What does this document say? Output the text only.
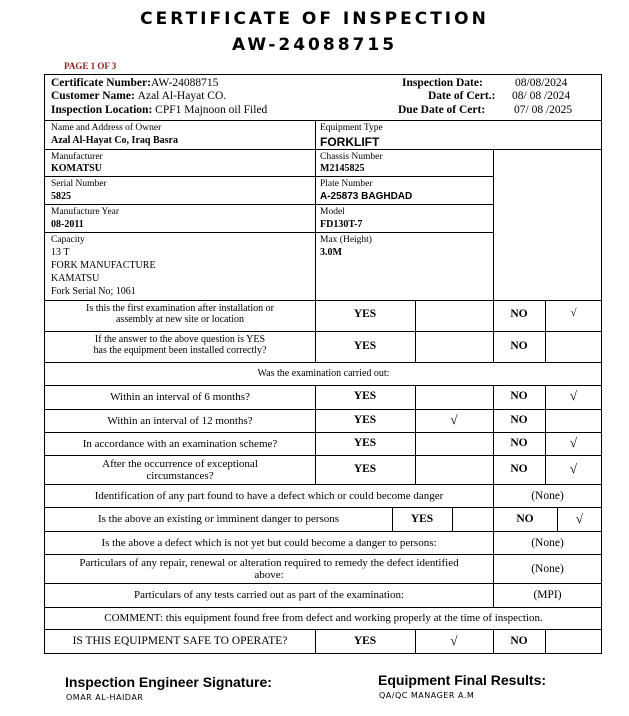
CERTIFICATE OF INSPECTION
AW-24088715
PAGE 1 OF 3
Certificate Number:AW-24088715
Customer Name: Azal Al-Hayat CO.
Inspection Location: CPF1 Majnoon oil Filed
Inspection Date:	08/08/2024
Date of Cert.: 08/ 08 /2024
Due Date of Cert:	07/ 08 /2025
Name and Address of Owner
Azal Al-Hayat Co, Iraq Basra
Equipment Type
FORKLIFT
Manufacturer
KOMATSU
Chassis Number
M2145825
Serial Number
5825
Plate Number
A-25873 BAGHDAD
Manufacture Year
08-2011
Model
FD130T-7
Capacity
13 T
FORK MANUFACTURE
KAMATSU
Fork Serial No; 1061
Max (Height)
3.0M
Is this the first examination after installation or
assembly at new site or location	YES	NO	√
If the answer to the above question is YES
has the equipment been installed correctly?	YES	NO
Was the examination carried out:
Within an interval of 6 months?	YES	NO	√
Within an interval of 12 months?	YES	√	NO
In accordance with an examination scheme?	YES	NO	√
After the occurrence of exceptional
circumstances?
YES	NO	√
Identification of any part found to have a defect which or could become danger	(None)
Is the above an existing or imminent danger to persons	YES	NO	√
Is the above a defect which is not yet but could become a danger to persons:	(None)
Particulars of any repair, renewal or alteration required to remedy the defect identified
above:	(None)
Particulars of any tests carried out as part of the examination:	(MPI)
COMMENT: this equipment found free from defect and working properly at the time of inspection.
IS THIS EQUIPMENT SAFE TO OPERATE?	YES	√	NO
Inspection Engineer Signature:
OMAR AL-HAIDAR
Equipment Final Results:
QA/QC MANAGER A.M
